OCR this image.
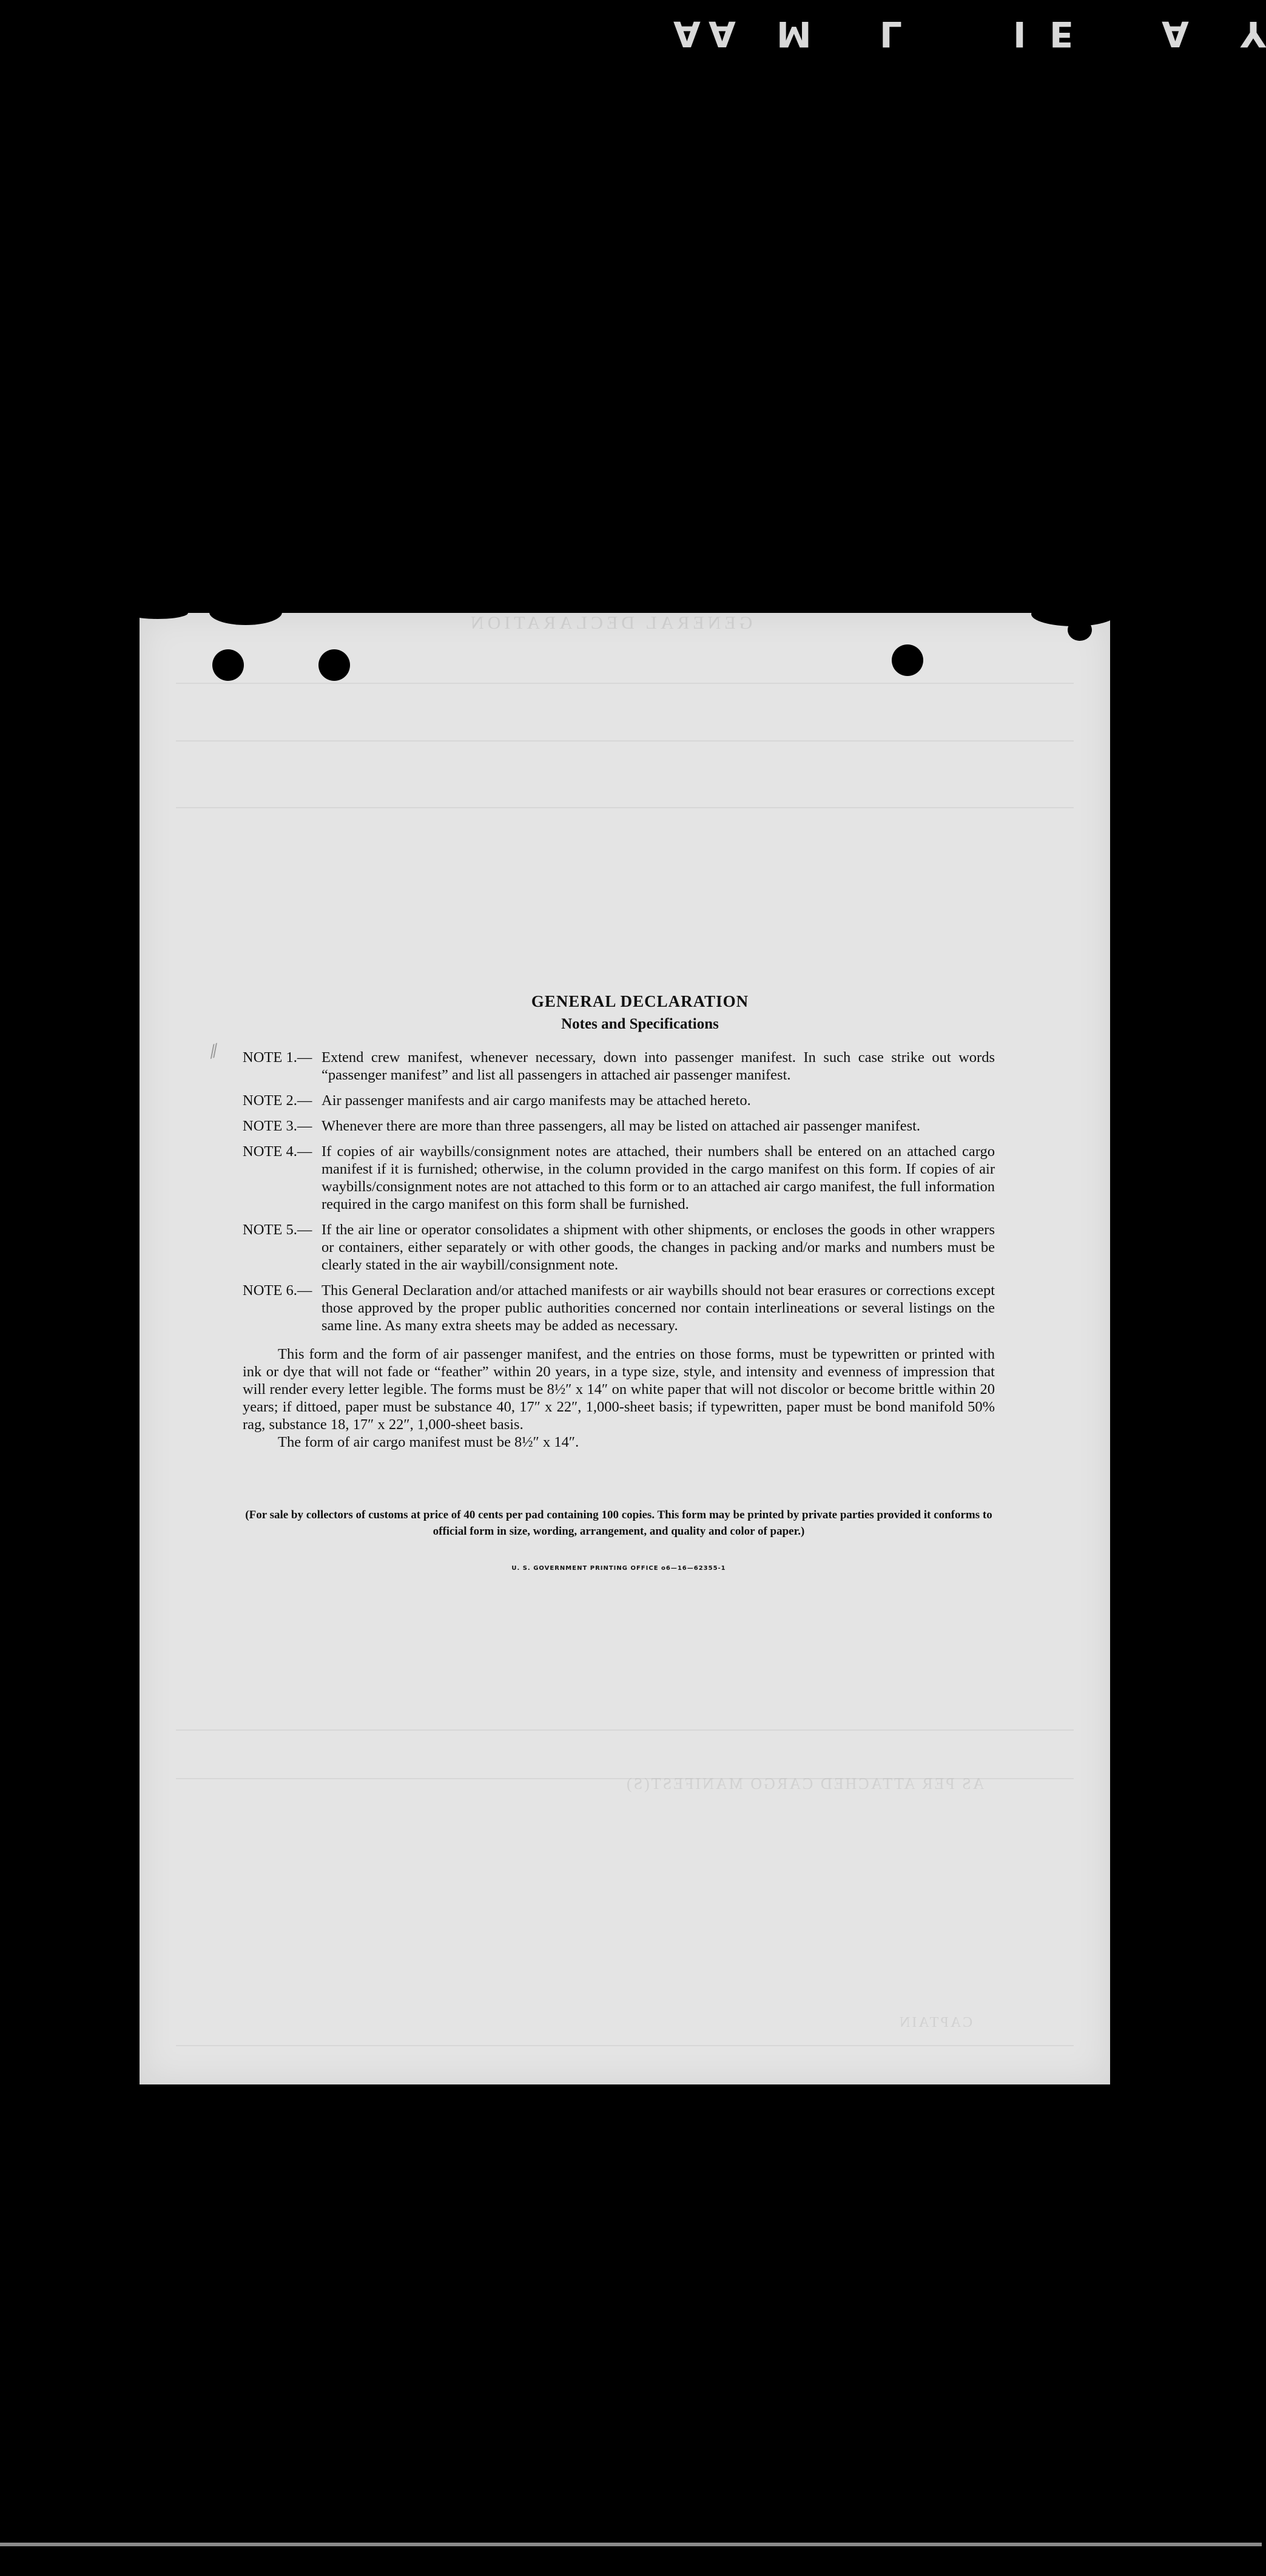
A A M L	I E	A Y
GENERAL DECLARATION
AS PER ATTACHED CARGO MANIFEST(S)
CAPTAIN
⁄⁄
GENERAL DECLARATION
Notes and Specifications
NOTE 1.— Extend crew manifest, whenever necessary, down into passenger manifest. In such case strike out words “passenger manifest” and list all passengers in attached air passenger manifest.
NOTE 2.— Air passenger manifests and air cargo manifests may be attached hereto.
NOTE 3.— Whenever there are more than three passengers, all may be listed on attached air passenger manifest.
NOTE 4.— If copies of air waybills/consignment notes are attached, their numbers shall be entered on an attached cargo manifest if it is furnished; otherwise, in the column provided in the cargo manifest on this form. If copies of air waybills/consignment notes are not attached to this form or to an attached air cargo manifest, the full information required in the cargo manifest on this form shall be furnished.
NOTE 5.— If the air line or operator consolidates a shipment with other shipments, or encloses the goods in other wrappers or containers, either separately or with other goods, the changes in packing and/or marks and numbers must be clearly stated in the air waybill/consignment note.
NOTE 6.— This General Declaration and/or attached manifests or air waybills should not bear erasures or corrections except those approved by the proper public authorities concerned nor contain interlineations or several listings on the same line. As many extra sheets may be added as necessary.
This form and the form of air passenger manifest, and the entries on those forms, must be typewritten or printed with ink or dye that will not fade or “feather” within 20 years, in a type size, style, and intensity and evenness of impression that will render every letter legible. The forms must be 8½″ x 14″ on white paper that will not discolor or become brittle within 20 years; if dittoed, paper must be substance 40, 17″ x 22″, 1,000-sheet basis; if typewritten, paper must be bond manifold 50% rag, substance 18, 17″ x 22″, 1,000-sheet basis.
The form of air cargo manifest must be 8½″ x 14″.
(For sale by collectors of customs at price of 40 cents per pad containing 100 copies. This form may be printed by private parties provided it conforms to official form in size, wording, arrangement, and quality and color of paper.)
U. S. GOVERNMENT PRINTING OFFICE o6—16—62355-1
